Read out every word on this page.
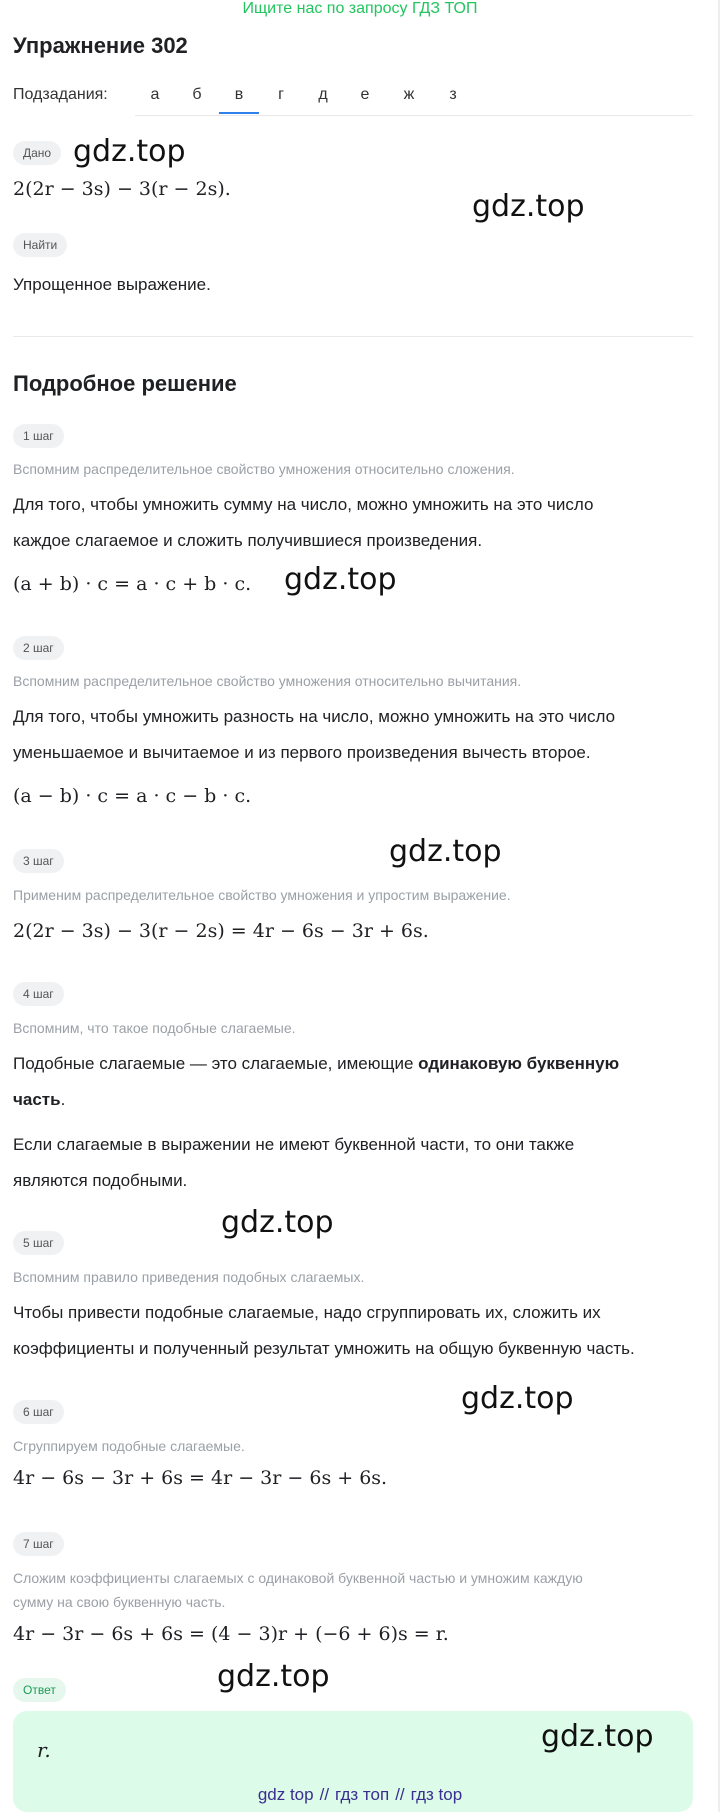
Ищите нас по запросу ГДЗ ТОП
Упражнение 302
Подзадания:	а	б	в	г	д	е	ж	з
Дано gdz.top
2(2r − 3s) − 3(r − 2s).	gdz.top
Найти
Упрощенное выражение.
Подробное решение
1 шаг
Вспомним распределительное свойство умножения относительно сложения.
Для того, чтобы умножить сумму на число, можно умножить на это число
каждое слагаемое и сложить получившиеся произведения.
(a + b) · c = a · c + b · c. gdz.top
2 шаг
Вспомним распределительное свойство умножения относительно вычитания.
Для того, чтобы умножить разность на число, можно умножить на это число
уменьшаемое и вычитаемое и из первого произведения вычесть второе.
(a − b) · c = a · c − b · c.
gdz.top
3 шаг
Применим распределительное свойство умножения и упростим выражение.
2(2r − 3s) − 3(r − 2s) = 4r − 6s − 3r + 6s.
4 шаг
Вспомним, что такое подобные слагаемые.
Подобные слагаемые — это слагаемые, имеющие одинаковую буквенную
часть.
Если слагаемые в выражении не имеют буквенной части, то они также
являются подобными.
gdz.top
5 шаг
Вспомним правило приведения подобных слагаемых.
Чтобы привести подобные слагаемые, надо сгруппировать их, сложить их
коэффициенты и полученный результат умножить на общую буквенную часть.
gdz.top
6 шаг
Сгруппируем подобные слагаемые.
4r − 6s − 3r + 6s = 4r − 3r − 6s + 6s.
7 шаг
Сложим коэффициенты слагаемых с одинаковой буквенной частью и умножим каждую
сумму на свою буквенную часть.
4r − 3r − 6s + 6s = (4 − 3)r + (−6 + 6)s = r.
gdz.top
Ответ
r.	gdz.top
gdz top // гдз топ // гдз top
